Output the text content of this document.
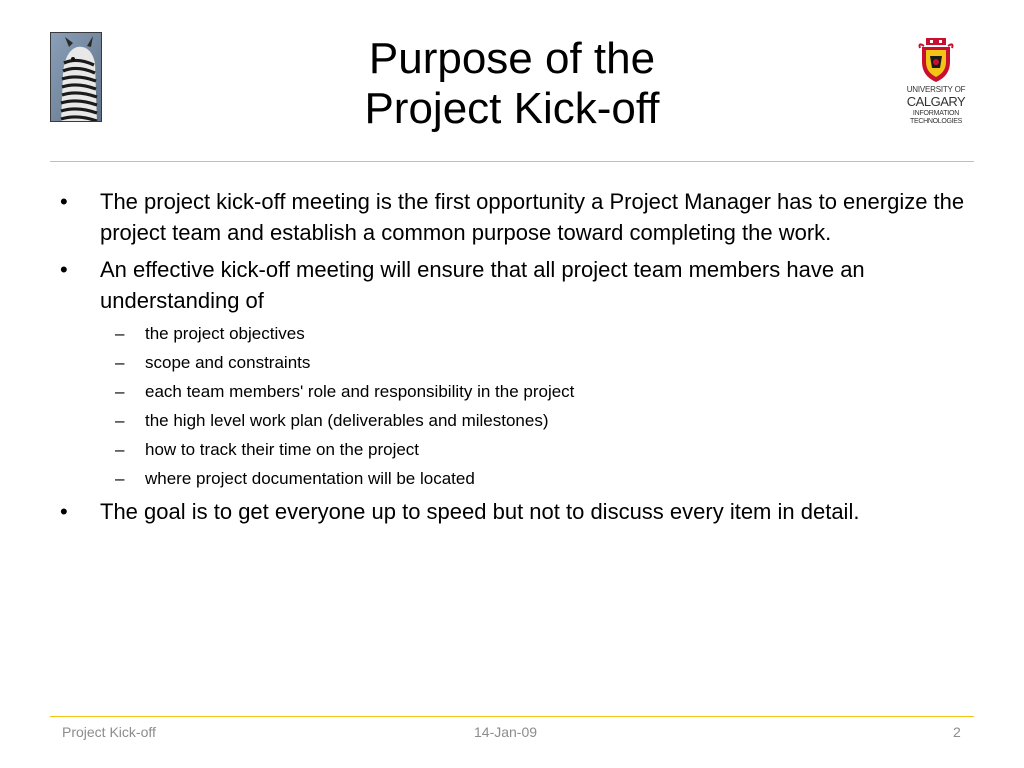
Purpose of the
Project Kick-off	UNIVERSITY OF
CALGARY
INFORMATION
TECHNOLOGIES
• The project kick-off meeting is the first opportunity a Project Manager has to energize the project team and establish a common purpose toward completing the work.
• An effective kick-off meeting will ensure that all project team members have an understanding of
– the project objectives
– scope and constraints
– each team members' role and responsibility in the project
– the high level work plan (deliverables and milestones)
– how to track their time on the project
– where project documentation will be located
• The goal is to get everyone up to speed but not to discuss every item in detail.
Project Kick-off	14-Jan-09	2
